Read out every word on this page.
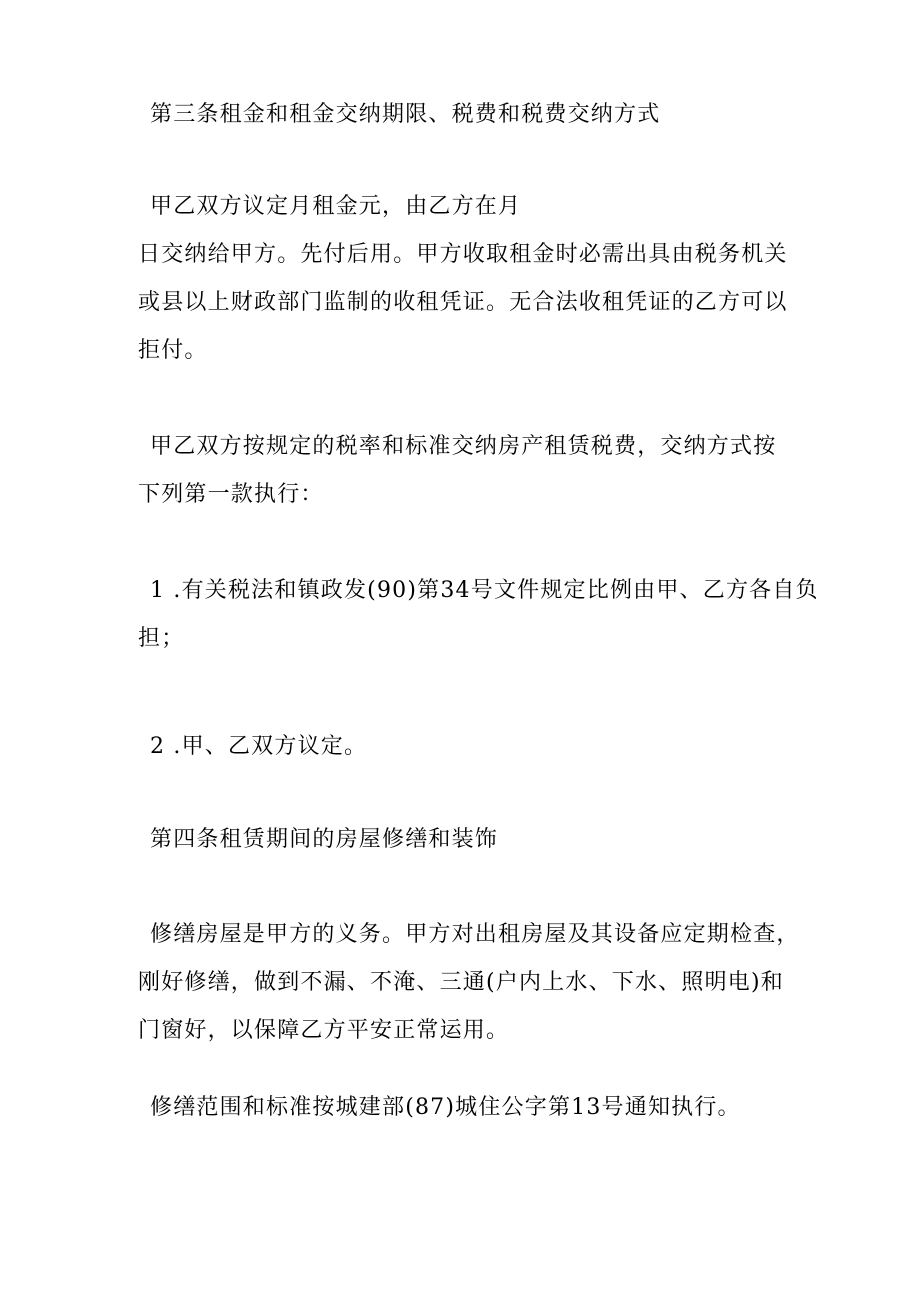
第三条租金和租金交纳期限、税费和税费交纳方式
甲乙双方议定月租金元，由乙方在月
日交纳给甲方。先付后用。甲方收取租金时必需出具由税务机关
或县以上财政部门监制的收租凭证。无合法收租凭证的乙方可以
拒付。
甲乙双方按规定的税率和标准交纳房产租赁税费，交纳方式按
下列第一款执行：
1 .有关税法和镇政发(90)第34号文件规定比例由甲、乙方各自负
担；
2 .甲、乙双方议定。
第四条租赁期间的房屋修缮和装饰
修缮房屋是甲方的义务。甲方对出租房屋及其设备应定期检查，
刚好修缮，做到不漏、不淹、三通(户内上水、下水、照明电)和
门窗好，以保障乙方平安正常运用。
修缮范围和标准按城建部(87)城住公字第13号通知执行。
